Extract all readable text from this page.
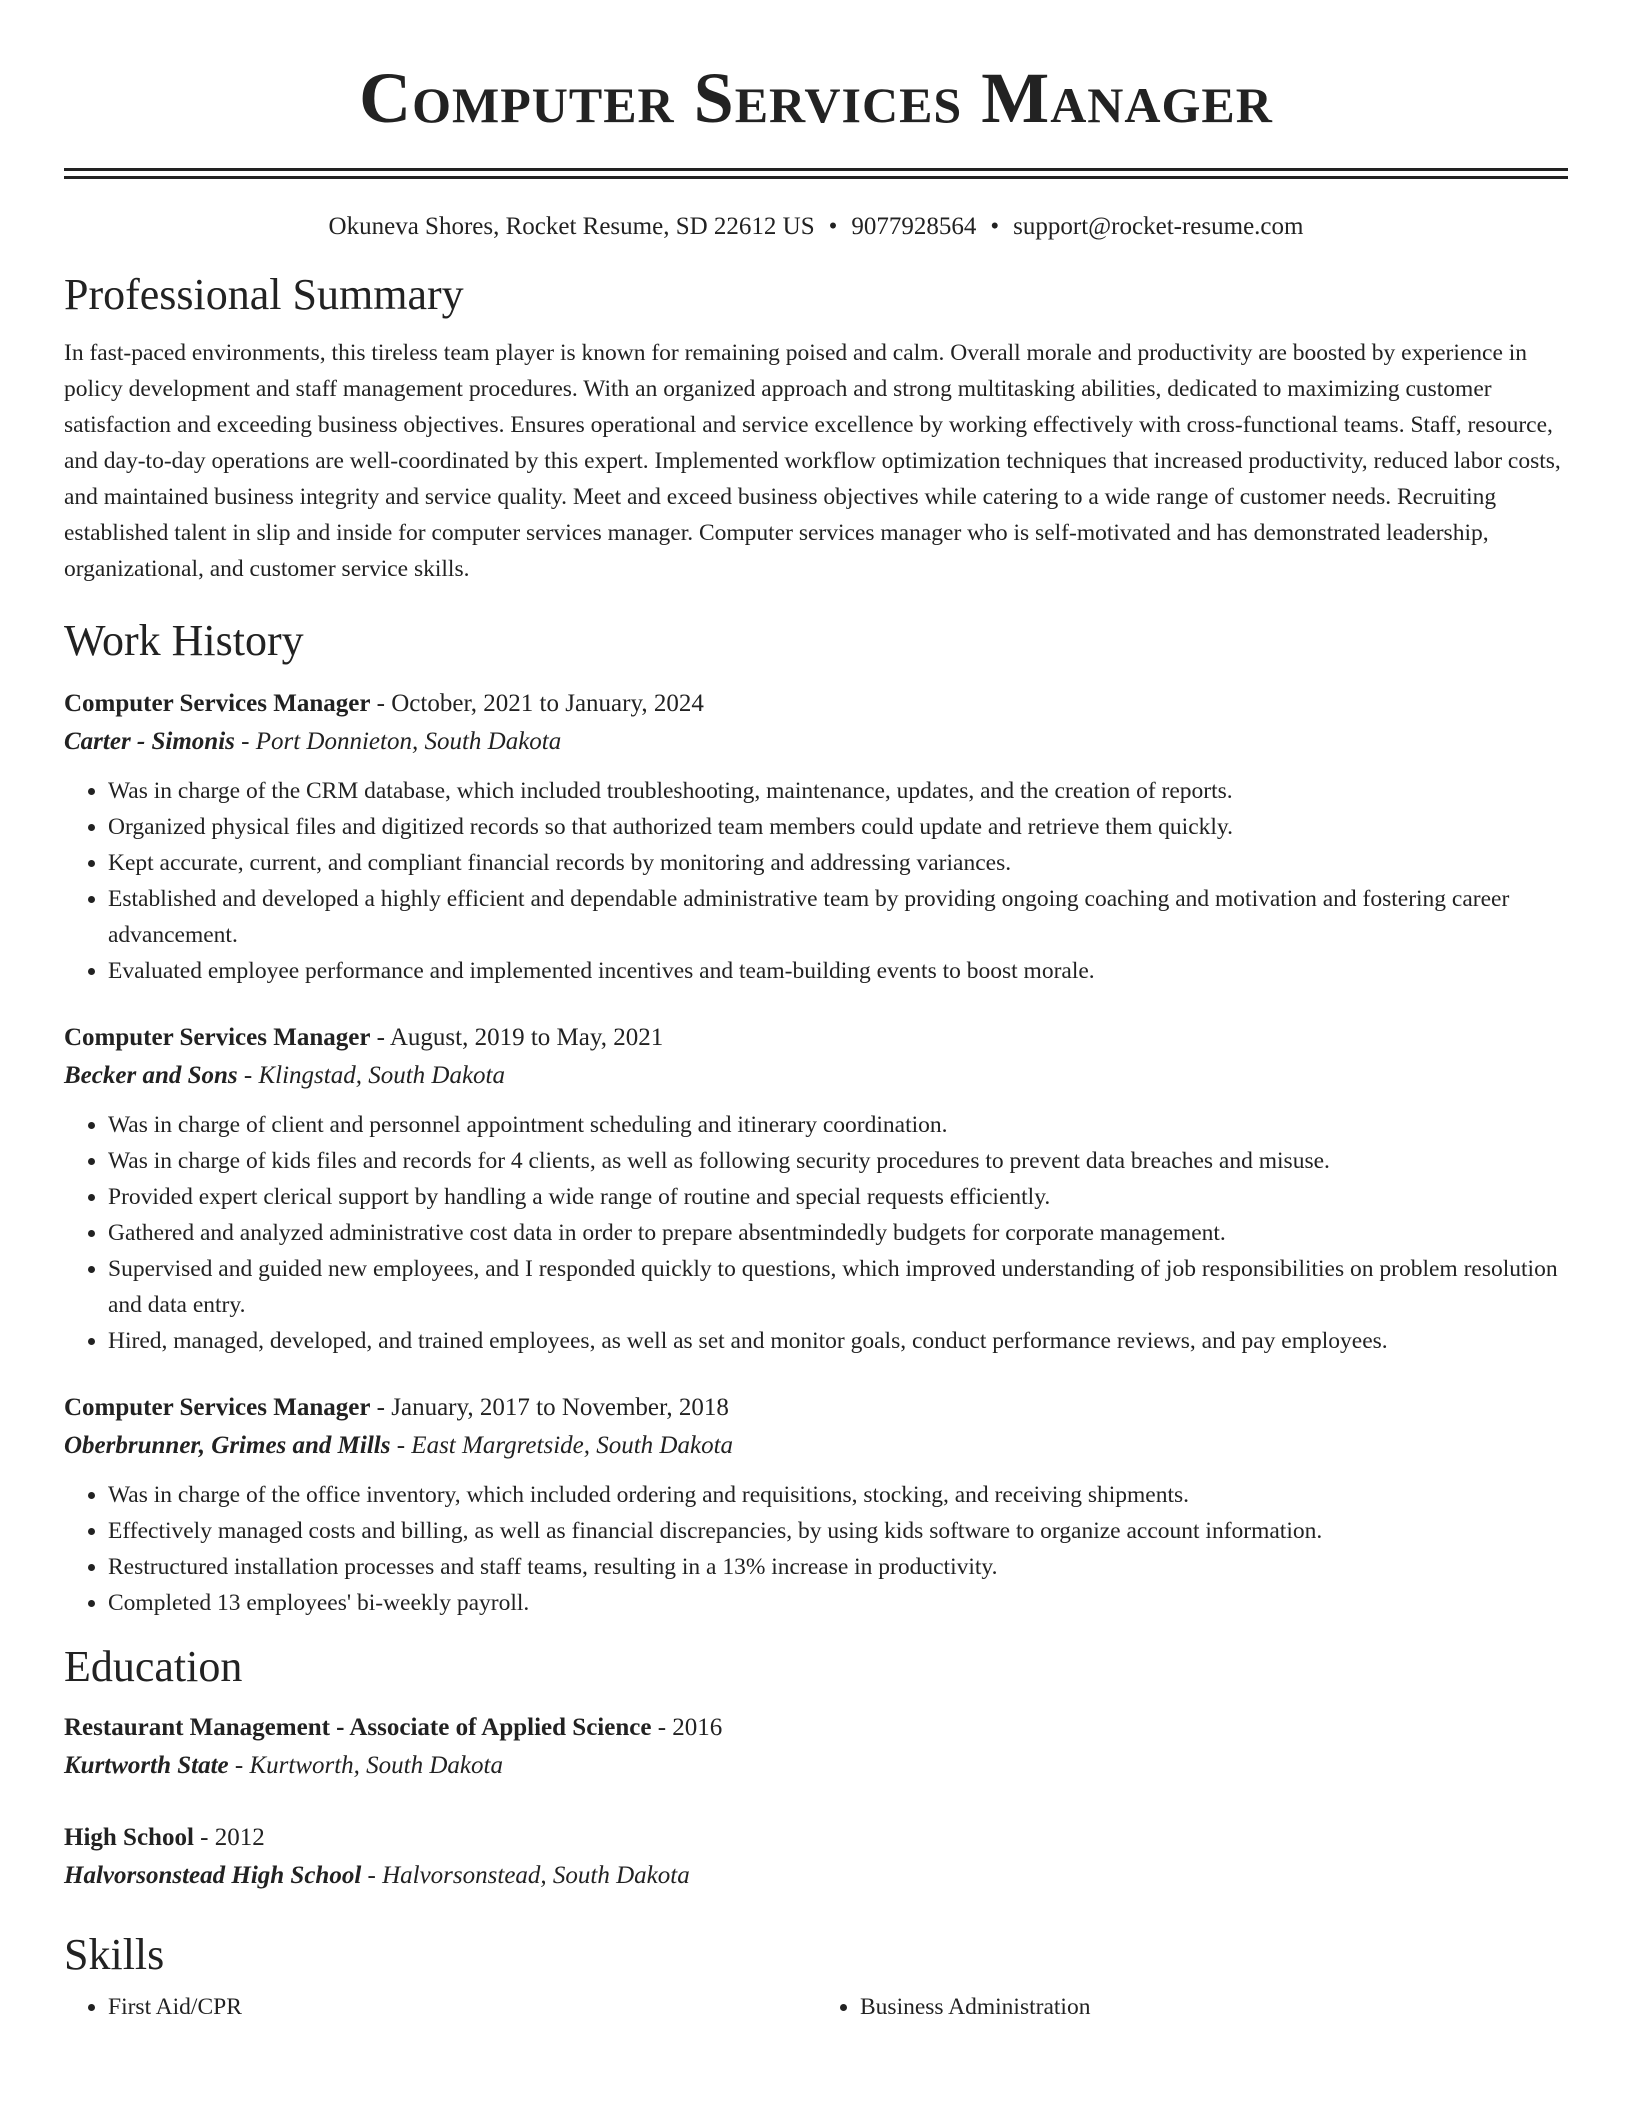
Computer Services Manager
Okuneva Shores, Rocket Resume, SD 22612 US • 9077928564 • support@rocket-resume.com
Professional Summary
In fast-paced environments, this tireless team player is known for remaining poised and calm. Overall morale and productivity are boosted by experience in policy development and staff management procedures. With an organized approach and strong multitasking abilities, dedicated to maximizing customer satisfaction and exceeding business objectives. Ensures operational and service excellence by working effectively with cross-functional teams. Staff, resource, and day-to-day operations are well-coordinated by this expert. Implemented workflow optimization techniques that increased productivity, reduced labor costs, and maintained business integrity and service quality. Meet and exceed business objectives while catering to a wide range of customer needs. Recruiting established talent in slip and inside for computer services manager. Computer services manager who is self-motivated and has demonstrated leadership, organizational, and customer service skills.
Work History
Computer Services Manager - October, 2021 to January, 2024
Carter - Simonis - Port Donnieton, South Dakota
• Was in charge of the CRM database, which included troubleshooting, maintenance, updates, and the creation of reports.
• Organized physical files and digitized records so that authorized team members could update and retrieve them quickly.
• Kept accurate, current, and compliant financial records by monitoring and addressing variances.
• Established and developed a highly efficient and dependable administrative team by providing ongoing coaching and motivation and fostering career advancement.
• Evaluated employee performance and implemented incentives and team-building events to boost morale.
Computer Services Manager - August, 2019 to May, 2021
Becker and Sons - Klingstad, South Dakota
• Was in charge of client and personnel appointment scheduling and itinerary coordination.
• Was in charge of kids files and records for 4 clients, as well as following security procedures to prevent data breaches and misuse.
• Provided expert clerical support by handling a wide range of routine and special requests efficiently.
• Gathered and analyzed administrative cost data in order to prepare absentmindedly budgets for corporate management.
• Supervised and guided new employees, and I responded quickly to questions, which improved understanding of job responsibilities on problem resolution and data entry.
• Hired, managed, developed, and trained employees, as well as set and monitor goals, conduct performance reviews, and pay employees.
Computer Services Manager - January, 2017 to November, 2018
Oberbrunner, Grimes and Mills - East Margretside, South Dakota
• Was in charge of the office inventory, which included ordering and requisitions, stocking, and receiving shipments.
• Effectively managed costs and billing, as well as financial discrepancies, by using kids software to organize account information.
• Restructured installation processes and staff teams, resulting in a 13% increase in productivity.
• Completed 13 employees' bi-weekly payroll.
Education
Restaurant Management - Associate of Applied Science - 2016
Kurtworth State - Kurtworth, South Dakota
High School - 2012
Halvorsonstead High School - Halvorsonstead, South Dakota
Skills
• First Aid/CPR
•	Business Administration
